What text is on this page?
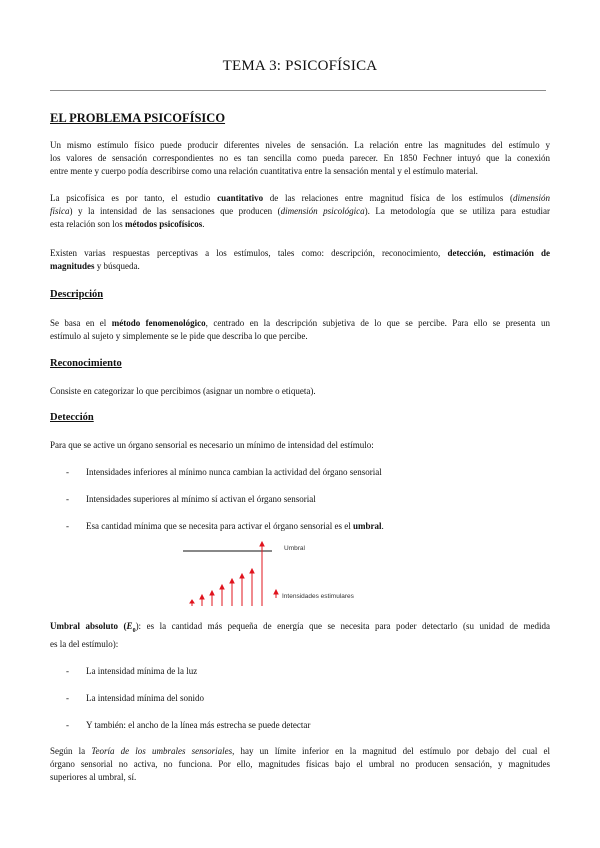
TEMA 3: PSICOFÍSICA
EL PROBLEMA PSICOFÍSICO
Un mismo estímulo físico puede producir diferentes niveles de sensación. La relación entre las magnitudes del estímulo y
los valores de sensación correspondientes no es tan sencilla como pueda parecer. En 1850 Fechner intuyó que la conexión
entre mente y cuerpo podía describirse como una relación cuantitativa entre la sensación mental y el estímulo material.
La psicofísica es por tanto, el estudio cuantitativo de las relaciones entre magnitud física de los estímulos (dimensión
física) y la intensidad de las sensaciones que producen (dimensión psicológica). La metodología que se utiliza para estudiar
esta relación son los métodos psicofísicos.
Existen varias respuestas perceptivas a los estímulos, tales como: descripción, reconocimiento, detección, estimación de
magnitudes y búsqueda.
Descripción
Se basa en el método fenomenológico, centrado en la descripción subjetiva de lo que se percibe. Para ello se presenta un
estímulo al sujeto y simplemente se le pide que describa lo que percibe.
Reconocimiento
Consiste en categorizar lo que percibimos (asignar un nombre o etiqueta).
Detección
Para que se active un órgano sensorial es necesario un mínimo de intensidad del estímulo:
- Intensidades inferiores al mínimo nunca cambian la actividad del órgano sensorial
- Intensidades superiores al mínimo sí activan el órgano sensorial
- Esa cantidad mínima que se necesita para activar el órgano sensorial es el umbral.
Umbral
Intensidades estimulares
Umbral absoluto $(E_0)$: es la cantidad más pequeña de energía que se necesita para poder detectarlo (su unidad de medida
es la del estímulo):
- La intensidad mínima de la luz
- La intensidad mínima del sonido
- Y también: el ancho de la línea más estrecha se puede detectar
Según la Teoría de los umbrales sensoriales, hay un límite inferior en la magnitud del estímulo por debajo del cual el
órgano sensorial no activa, no funciona. Por ello, magnitudes físicas bajo el umbral no producen sensación, y magnitudes
superiores al umbral, sí.
